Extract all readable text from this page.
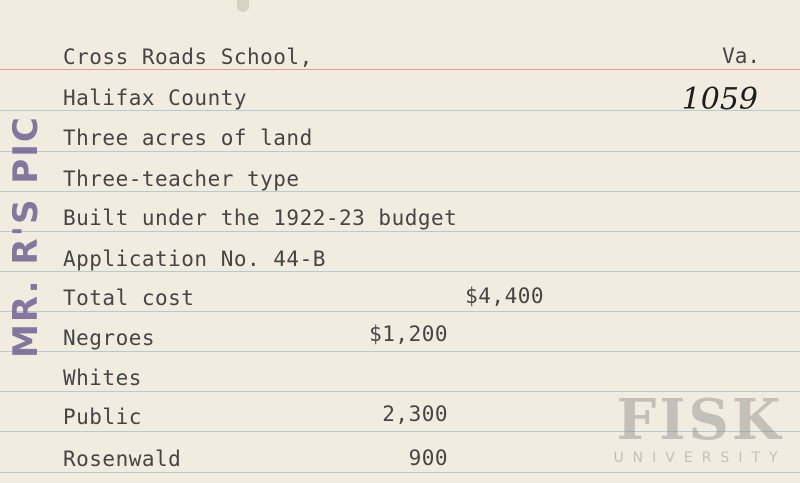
Cross Roads School,	Va.
Halifax County	1059
Three acres of land
Three-teacher type
Built under the 1922-23 budget
Application No. 44-B
Total cost	$4,400
Negroes	$1,200
Whites
Public	2,300
Rosenwald	900
MR. R'S PIC
FISK
UNIVERSITY
